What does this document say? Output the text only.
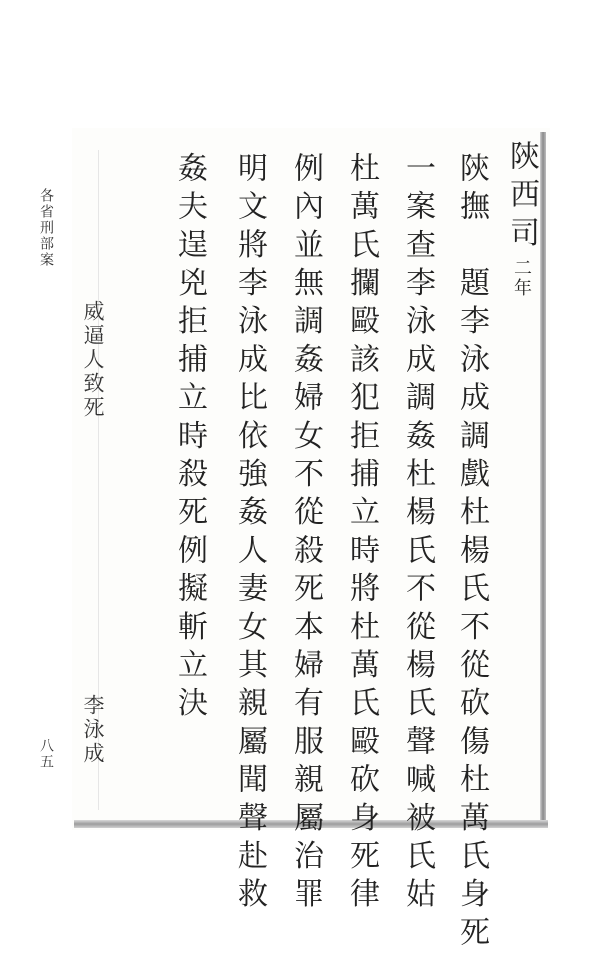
各省刑部案
八五
陝西司
二年
陝撫　題李泳成調戲杜楊氏不從砍傷杜萬氏身死
一案查李泳成調姦杜楊氏不從楊氏聲喊被氏姑
杜萬氏攔毆該犯拒捕立時將杜萬氏毆砍身死律
例內並無調姦婦女不從殺死本婦有服親屬治罪
明文將李泳成比依強姦人妻女其親屬聞聲赴救
姦夫逞兇拒捕立時殺死例擬斬立決
威逼人致死
李泳成
